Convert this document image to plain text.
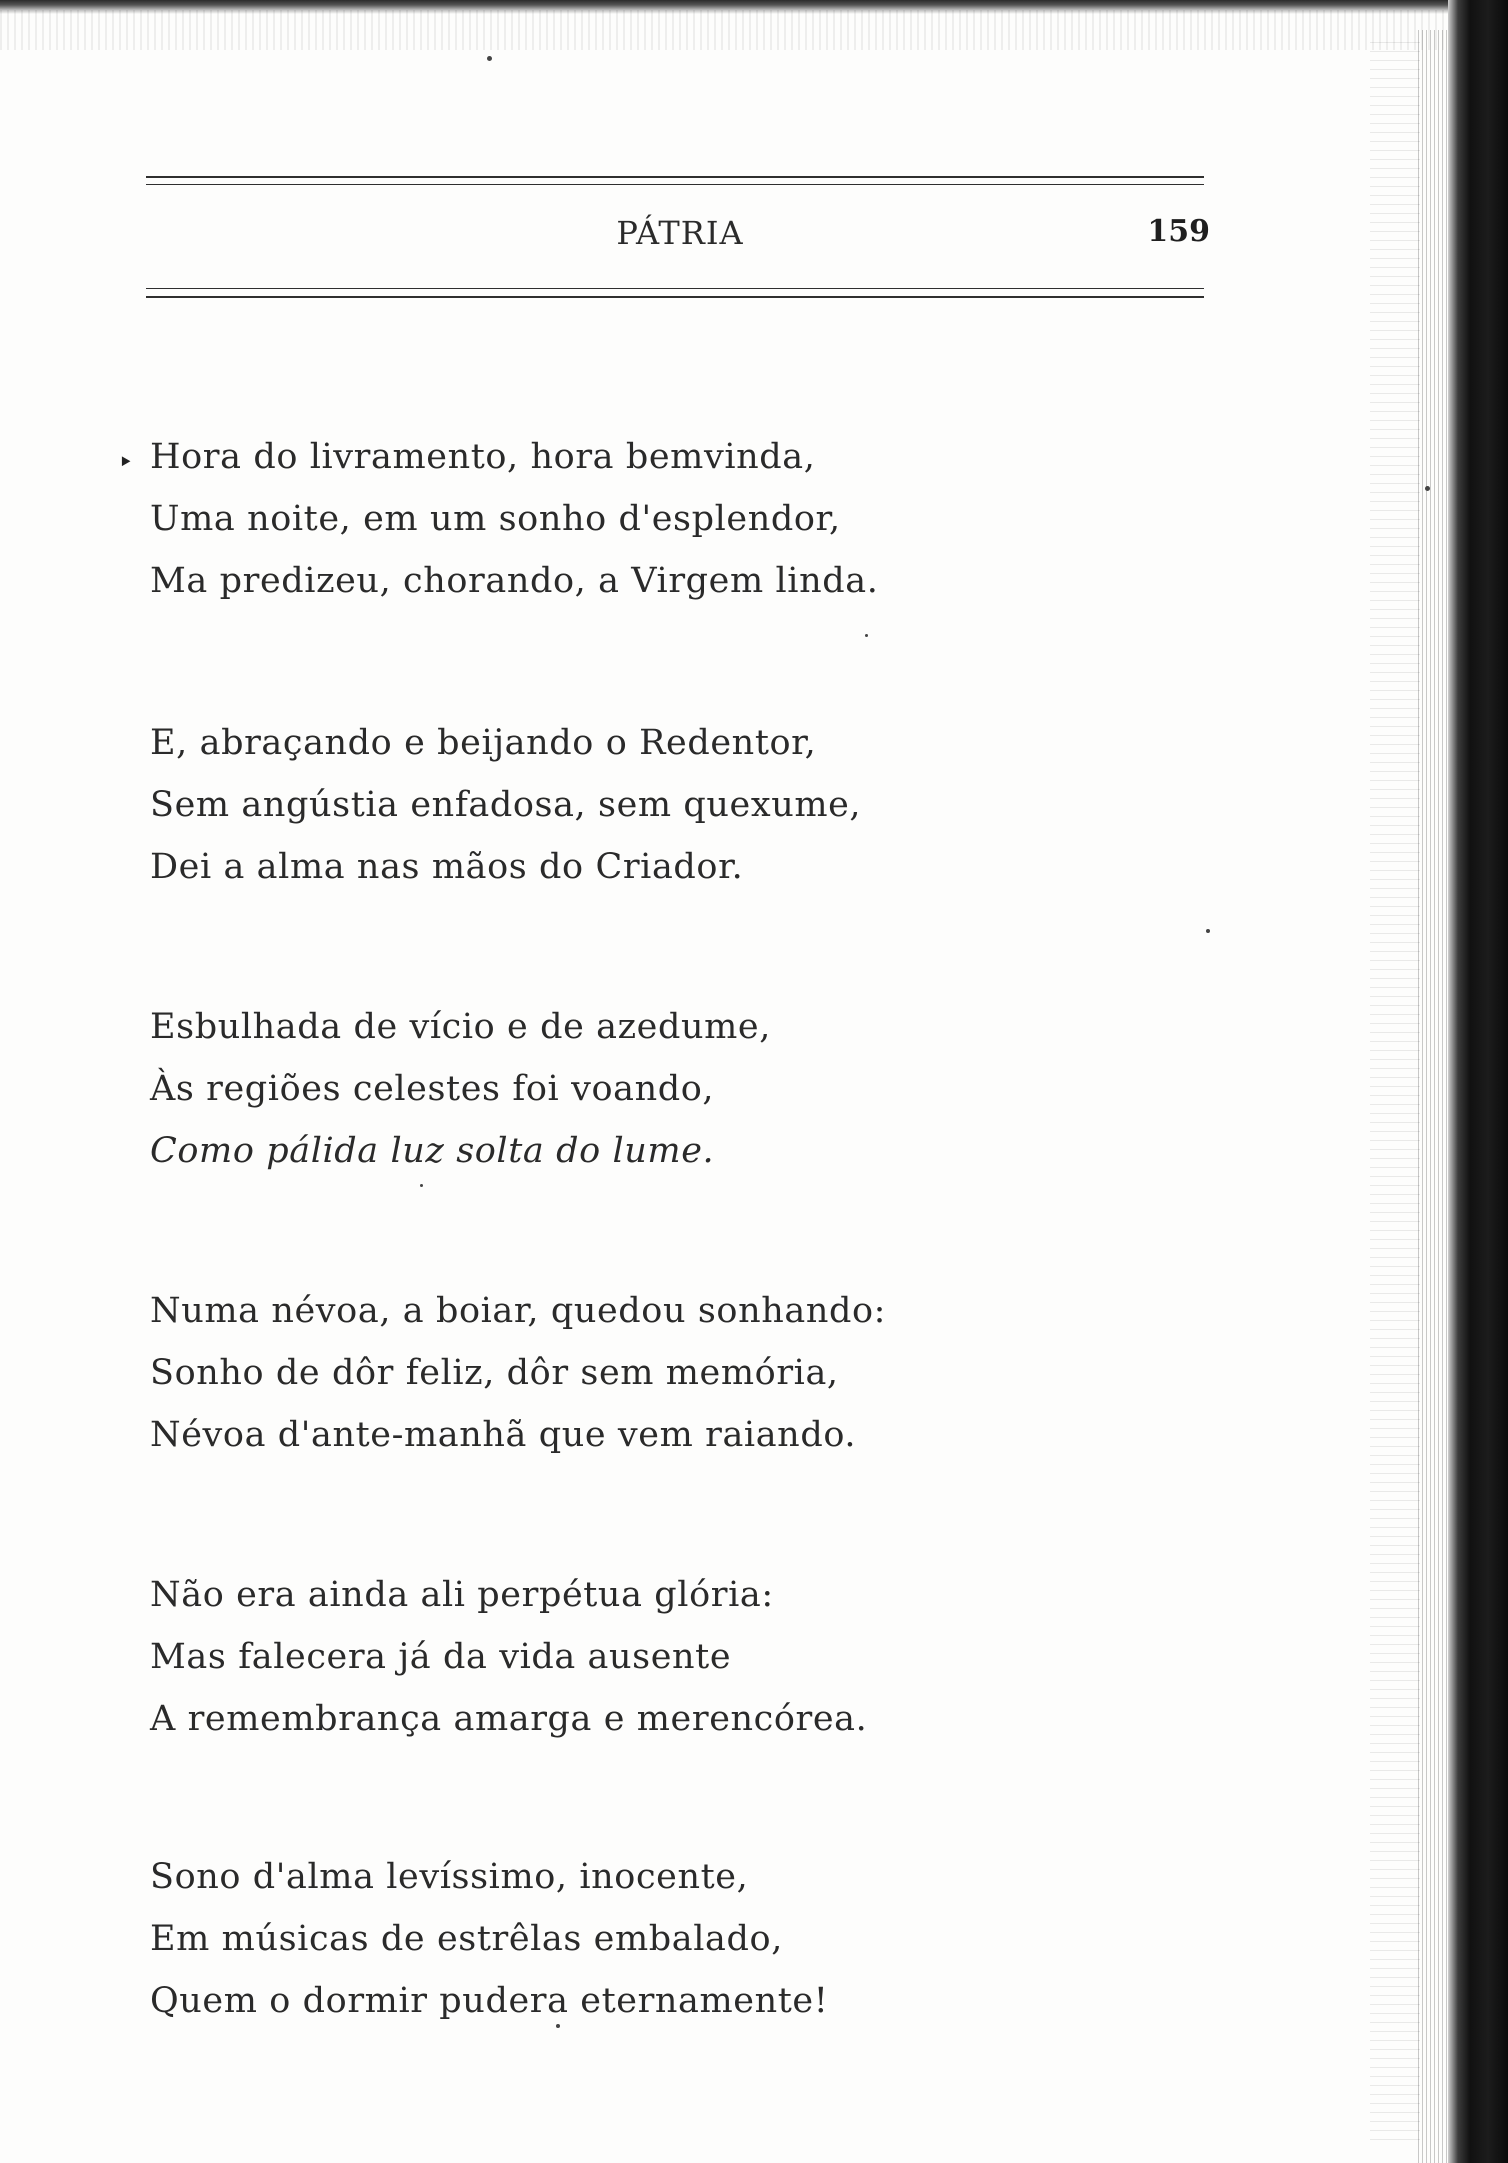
PÁTRIA	159
‣ Hora do livramento, hora bemvinda,
Uma noite, em um sonho d'esplendor,
Ma predizeu, chorando, a Virgem linda.
E, abraçando e beijando o Redentor,
Sem angústia enfadosa, sem quexume,
Dei a alma nas mãos do Criador.
Esbulhada de vício e de azedume,
Às regiões celestes foi voando,
Como pálida luz solta do lume.
Numa névoa, a boiar, quedou sonhando:
Sonho de dôr feliz, dôr sem memória,
Névoa d'ante-manhã que vem raiando.
Não era ainda ali perpétua glória:
Mas falecera já da vida ausente
A remembrança amarga e merencórea.
Sono d'alma levíssimo, inocente,
Em músicas de estrêlas embalado,
Quem o dormir pudera eternamente!
